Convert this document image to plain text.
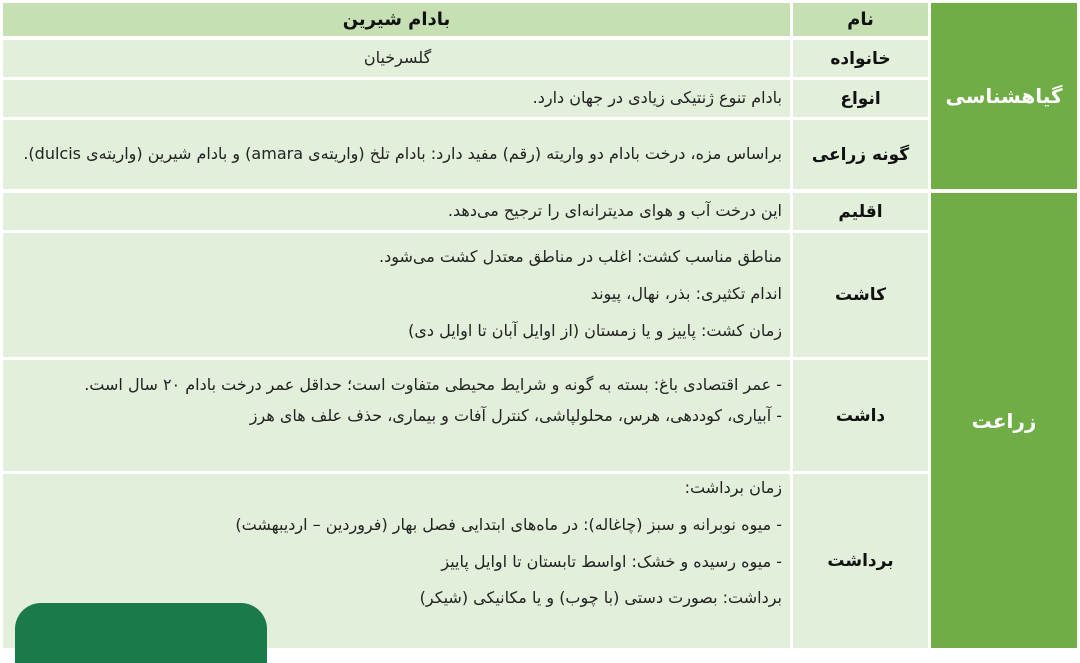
گیاهشناسی
زراعت
نام
بادام شیرین
خانواده
گلسرخیان
انواع

بادام تنوع ژنتیکی زیادی در جهان دارد.

گونه زراعی

براساس مزه، درخت بادام دو واریته (رقم) مفید دارد: بادام تلخ (واریته‌ی amara) و بادام شیرین (واریته‌ی dulcis).

اقلیم

این درخت آب و هوای مدیترانه‌ای را ترجیح می‌دهد.

کاشت

مناطق مناسب کشت: اغلب در مناطق معتدل کشت می‌شود.

اندام تکثیری: بذر، نهال، پیوند

زمان کشت: پاییز و یا زمستان (از اوایل آبان تا اوایل دی)

داشت

- عمر اقتصادی باغ: بسته به گونه و شرایط محیطی متفاوت است؛ حداقل عمر درخت بادام ۲۰ سال است.

- آبیاری، کوددهی، هرس، محلولپاشی، کنترل آفات و بیماری، حذف علف های هرز

برداشت

زمان برداشت:

- میوه نوبرانه و سبز (چاغاله): در ماه‌های ابتدایی فصل بهار (فروردین – اردیبهشت)

- میوه رسیده و خشک: اواسط تابستان تا اوایل پاییز

برداشت: بصورت دستی (با چوب) و یا مکانیکی (شیکر)
